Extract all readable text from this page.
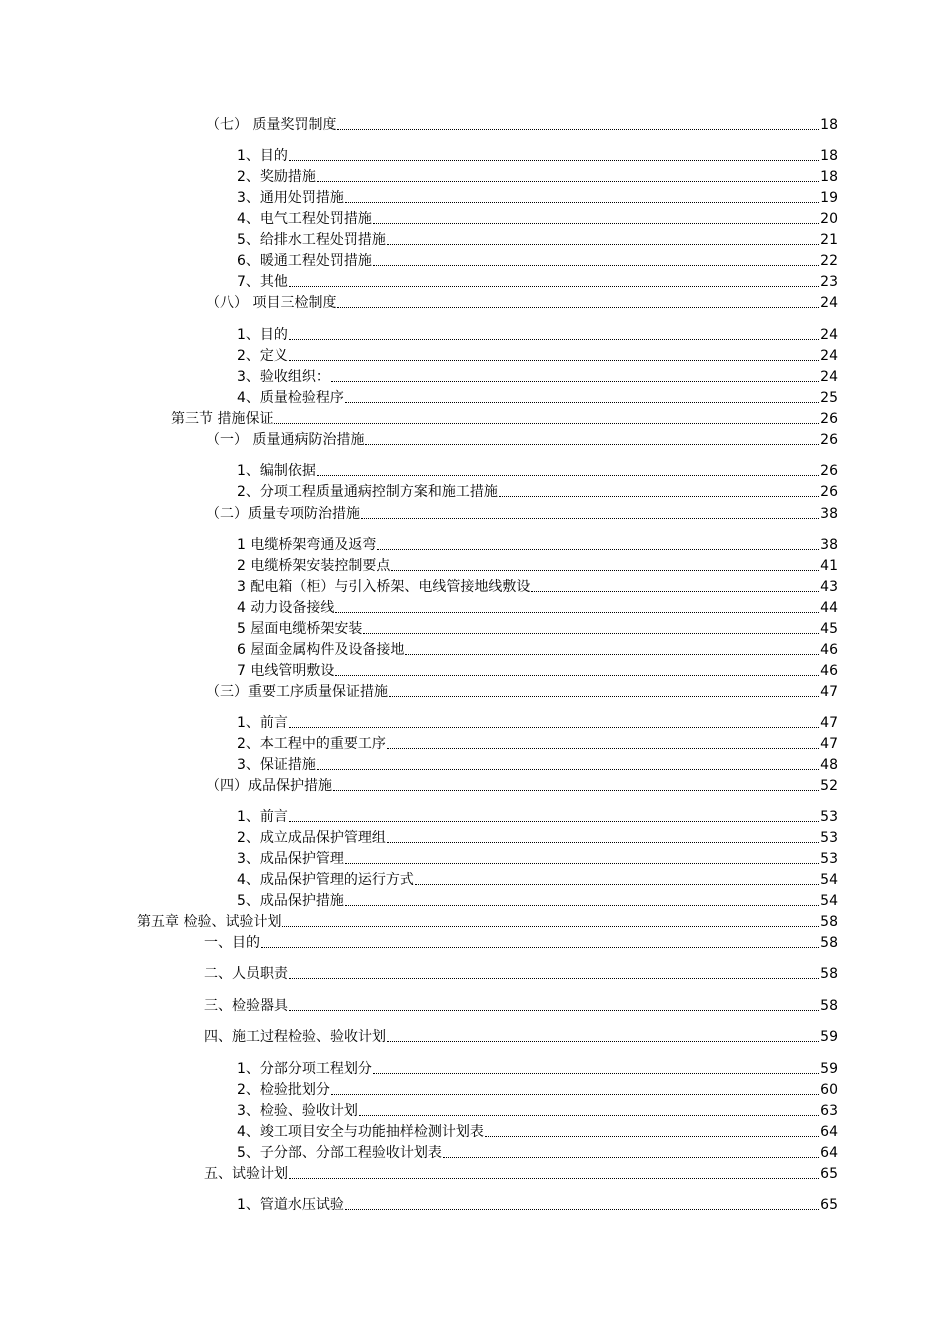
（七） 质量奖罚制度	18
1、目的	18
2、奖励措施	18
3、通用处罚措施	19
4、电气工程处罚措施	20
5、给排水工程处罚措施	21
6、暖通工程处罚措施	22
7、其他	23
（八） 项目三检制度	24
1、目的	24
2、定义	24
3、验收组织：	24
4、质量检验程序	25
第三节 措施保证	26
（一） 质量通病防治措施	26
1、编制依据	26
2、分项工程质量通病控制方案和施工措施	26
（二）质量专项防治措施	38
1 电缆桥架弯通及返弯	38
2 电缆桥架安装控制要点	41
3 配电箱（柜）与引入桥架、电线管接地线敷设	43
4 动力设备接线	44
5 屋面电缆桥架安装	45
6 屋面金属构件及设备接地	46
7 电线管明敷设	46
（三）重要工序质量保证措施	47
1、前言	47
2、本工程中的重要工序	47
3、保证措施	48
（四）成品保护措施	52
1、前言	53
2、成立成品保护管理组	53
3、成品保护管理	53
4、成品保护管理的运行方式	54
5、成品保护措施	54
第五章 检验、试验计划	58
一、目的	58
二、人员职责	58
三、检验器具	58
四、施工过程检验、验收计划	59
1、分部分项工程划分	59
2、检验批划分	60
3、检验、验收计划	63
4、竣工项目安全与功能抽样检测计划表	64
5、子分部、分部工程验收计划表	64
五、试验计划	65
1、管道水压试验	65
